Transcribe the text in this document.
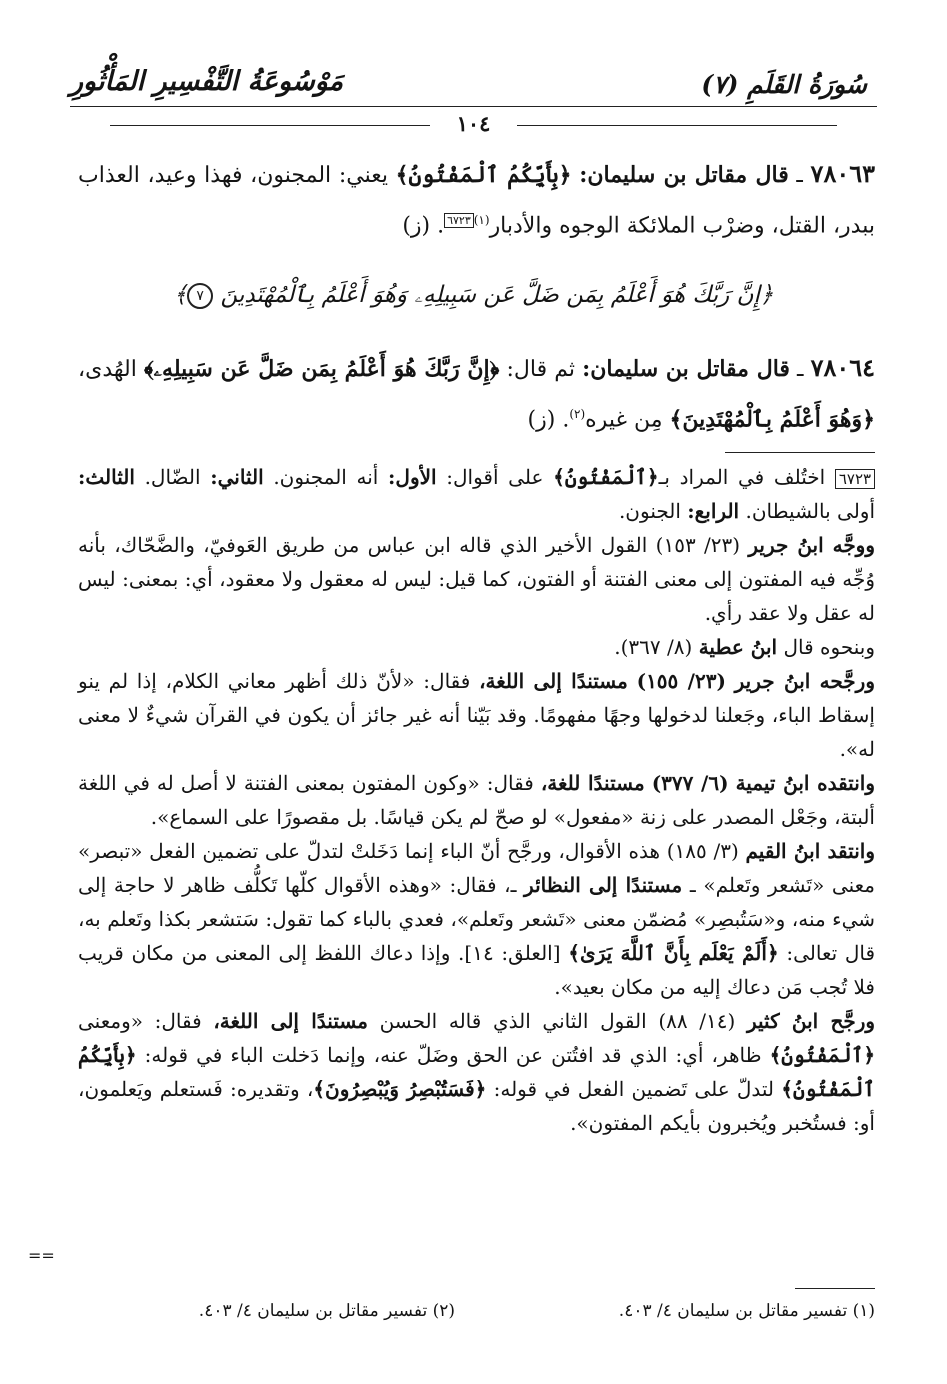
سُورَةُ القَلَمِ (٧)
مَوْسُوعَةُ التَّفْسِيرِ المَأْثُورِ
١٠٤
٧٨٠٦٣ ـ قال مقاتل بن سليمان: ﴿بِأَيِّكُمُ ٱلْمَفْتُونُ﴾ يعني: المجنون، فهذا وعيد، العذاب ببدر، القتل، وضرْب الملائكة الوجوه والأدبار$^{(١)}$٦٧٢٣. (ز)
﴿إِنَّ رَبَّكَ هُوَ أَعْلَمُ بِمَن ضَلَّ عَن سَبِيلِهِۦ وَهُوَ أَعْلَمُ بِٱلْمُهْتَدِينَ ٧﴾
٧٨٠٦٤ ـ قال مقاتل بن سليمان: ثم قال: ﴿إِنَّ رَبَّكَ هُوَ أَعْلَمُ بِمَن ضَلَّ عَن سَبِيلِهِۦ﴾ الهُدى، ﴿وَهُوَ أَعْلَمُ بِٱلْمُهْتَدِينَ﴾ مِن غيره$^{(٢)}$. (ز)

٦٧٢٣ اختُلف في المراد بـ﴿ٱلْمَفْتُونُ﴾ على أقوال: الأول: أنه المجنون. الثاني: الضّال. الثالث: أولى بالشيطان. الرابع: الجنون.

ووجَّه ابنُ جرير (٢٣/ ١٥٣) القول الأخير الذي قاله ابن عباس من طريق العَوفيّ، والضَّحّاك، بأنه وُجِّه فيه المفتون إلى معنى الفتنة أو الفتون، كما قيل: ليس له معقول ولا معقود، أي: بمعنى: ليس له عقل ولا عقد رأي.

وبنحوه قال ابنُ عطية (٨/ ٣٦٧).

ورجَّحه ابنُ جرير (٢٣/ ١٥٥) مستندًا إلى اللغة، فقال: «لأنّ ذلك أظهر معاني الكلام، إذا لم ينو إسقاط الباء، وجَعلنا لدخولها وجهًا مفهومًا. وقد بَيّنا أنه غير جائز أن يكون في القرآن شيءٌ لا معنى له».

وانتقده ابنُ تيمية (٦/ ٣٧٧) مستندًا للغة، فقال: «وكون المفتون بمعنى الفتنة لا أصل له في اللغة ألبتة، وجَعْل المصدر على زنة «مفعول» لو صحّ لم يكن قياسًا. بل مقصورًا على السماع».

وانتقد ابنُ القيم (٣/ ١٨٥) هذه الأقوال، ورجَّح أنّ الباء إنما دَخَلتْ لتدلّ على تضمين الفعل «تبصر» معنى «تَشعر وتَعلم» ـ مستندًا إلى النظائر ـ، فقال: «وهذه الأقوال كلّها تَكلُّف ظاهر لا حاجة إلى شيء منه، و«سَتُبصِر» مُضمّن معنى «تَشعر وتَعلم»، فعدي بالباء كما تقول: سَتشعر بكذا وتَعلم به، قال تعالى: ﴿أَلَمْ يَعْلَم بِأَنَّ ٱللَّهَ يَرَىٰ﴾ [العلق: ١٤]. وإذا دعاك اللفظ إلى المعنى من مكان قريب فلا تُجب مَن دعاك إليه من مكان بعيد».

ورجَّح ابنُ كثير (١٤/ ٨٨) القول الثاني الذي قاله الحسن مستندًا إلى اللغة، فقال: «ومعنى ﴿ٱلْمَفْتُونُ﴾ ظاهر، أي: الذي قد افتُتن عن الحق وضَلّ عنه، وإنما دَخلت الباء في قوله: ﴿بِأَيِّكُمُ ٱلْمَفْتُونُ﴾ لتدلّ على تَضمين الفعل في قوله: ﴿فَسَتُبْصِرُ وَيُبْصِرُونَ﴾، وتقديره: فَستعلم ويَعلمون، أو: فستُخبر ويُخبرون بأيكم المفتون».

(١) تفسير مقاتل بن سليمان ٤/ ٤٠٣.
(٢) تفسير مقاتل بن سليمان ٤/ ٤٠٣.
==
